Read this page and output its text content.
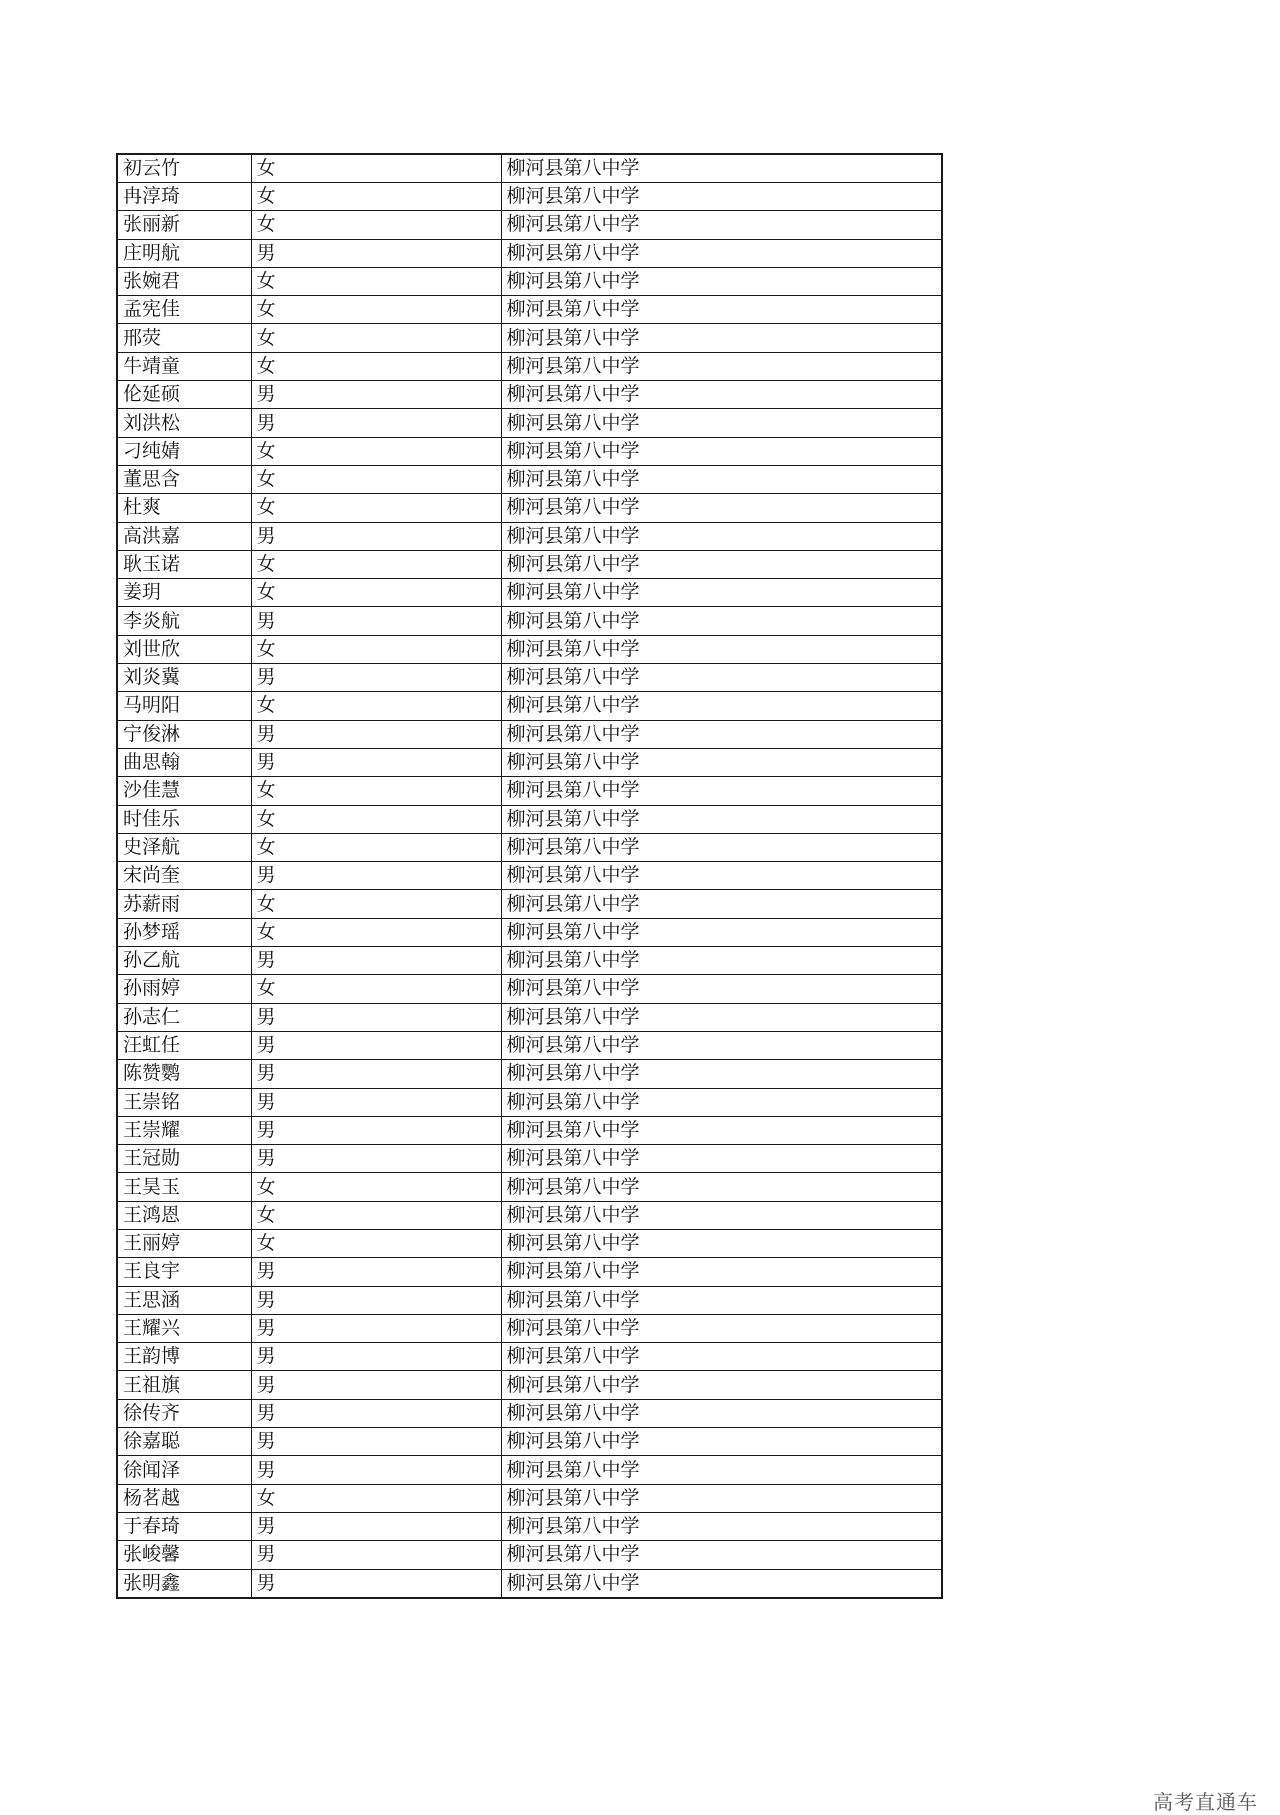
初云竹	女	柳河县第八中学
冉淳琦	女	柳河县第八中学
张丽新	女	柳河县第八中学
庄明航	男	柳河县第八中学
张婉君	女	柳河县第八中学
孟宪佳	女	柳河县第八中学
邢荧	女	柳河县第八中学
牛靖童	女	柳河县第八中学
伦延硕	男	柳河县第八中学
刘洪松	男	柳河县第八中学
刁纯婧	女	柳河县第八中学
董思含	女	柳河县第八中学
杜爽	女	柳河县第八中学
高洪嘉	男	柳河县第八中学
耿玉诺	女	柳河县第八中学
姜玥	女	柳河县第八中学
李炎航	男	柳河县第八中学
刘世欣	女	柳河县第八中学
刘炎冀	男	柳河县第八中学
马明阳	女	柳河县第八中学
宁俊淋	男	柳河县第八中学
曲思翰	男	柳河县第八中学
沙佳慧	女	柳河县第八中学
时佳乐	女	柳河县第八中学
史泽航	女	柳河县第八中学
宋尚奎	男	柳河县第八中学
苏薪雨	女	柳河县第八中学
孙梦瑶	女	柳河县第八中学
孙乙航	男	柳河县第八中学
孙雨婷	女	柳河县第八中学
孙志仁	男	柳河县第八中学
汪虹任	男	柳河县第八中学
陈赞鹦	男	柳河县第八中学
王崇铭	男	柳河县第八中学
王崇耀	男	柳河县第八中学
王冠勋	男	柳河县第八中学
王昊玉	女	柳河县第八中学
王鸿恩	女	柳河县第八中学
王丽婷	女	柳河县第八中学
王良宇	男	柳河县第八中学
王思涵	男	柳河县第八中学
王耀兴	男	柳河县第八中学
王韵博	男	柳河县第八中学
王祖旗	男	柳河县第八中学
徐传齐	男	柳河县第八中学
徐嘉聪	男	柳河县第八中学
徐闻泽	男	柳河县第八中学
杨茗越	女	柳河县第八中学
于春琦	男	柳河县第八中学
张峻馨	男	柳河县第八中学
张明鑫	男	柳河县第八中学
高考直通车
